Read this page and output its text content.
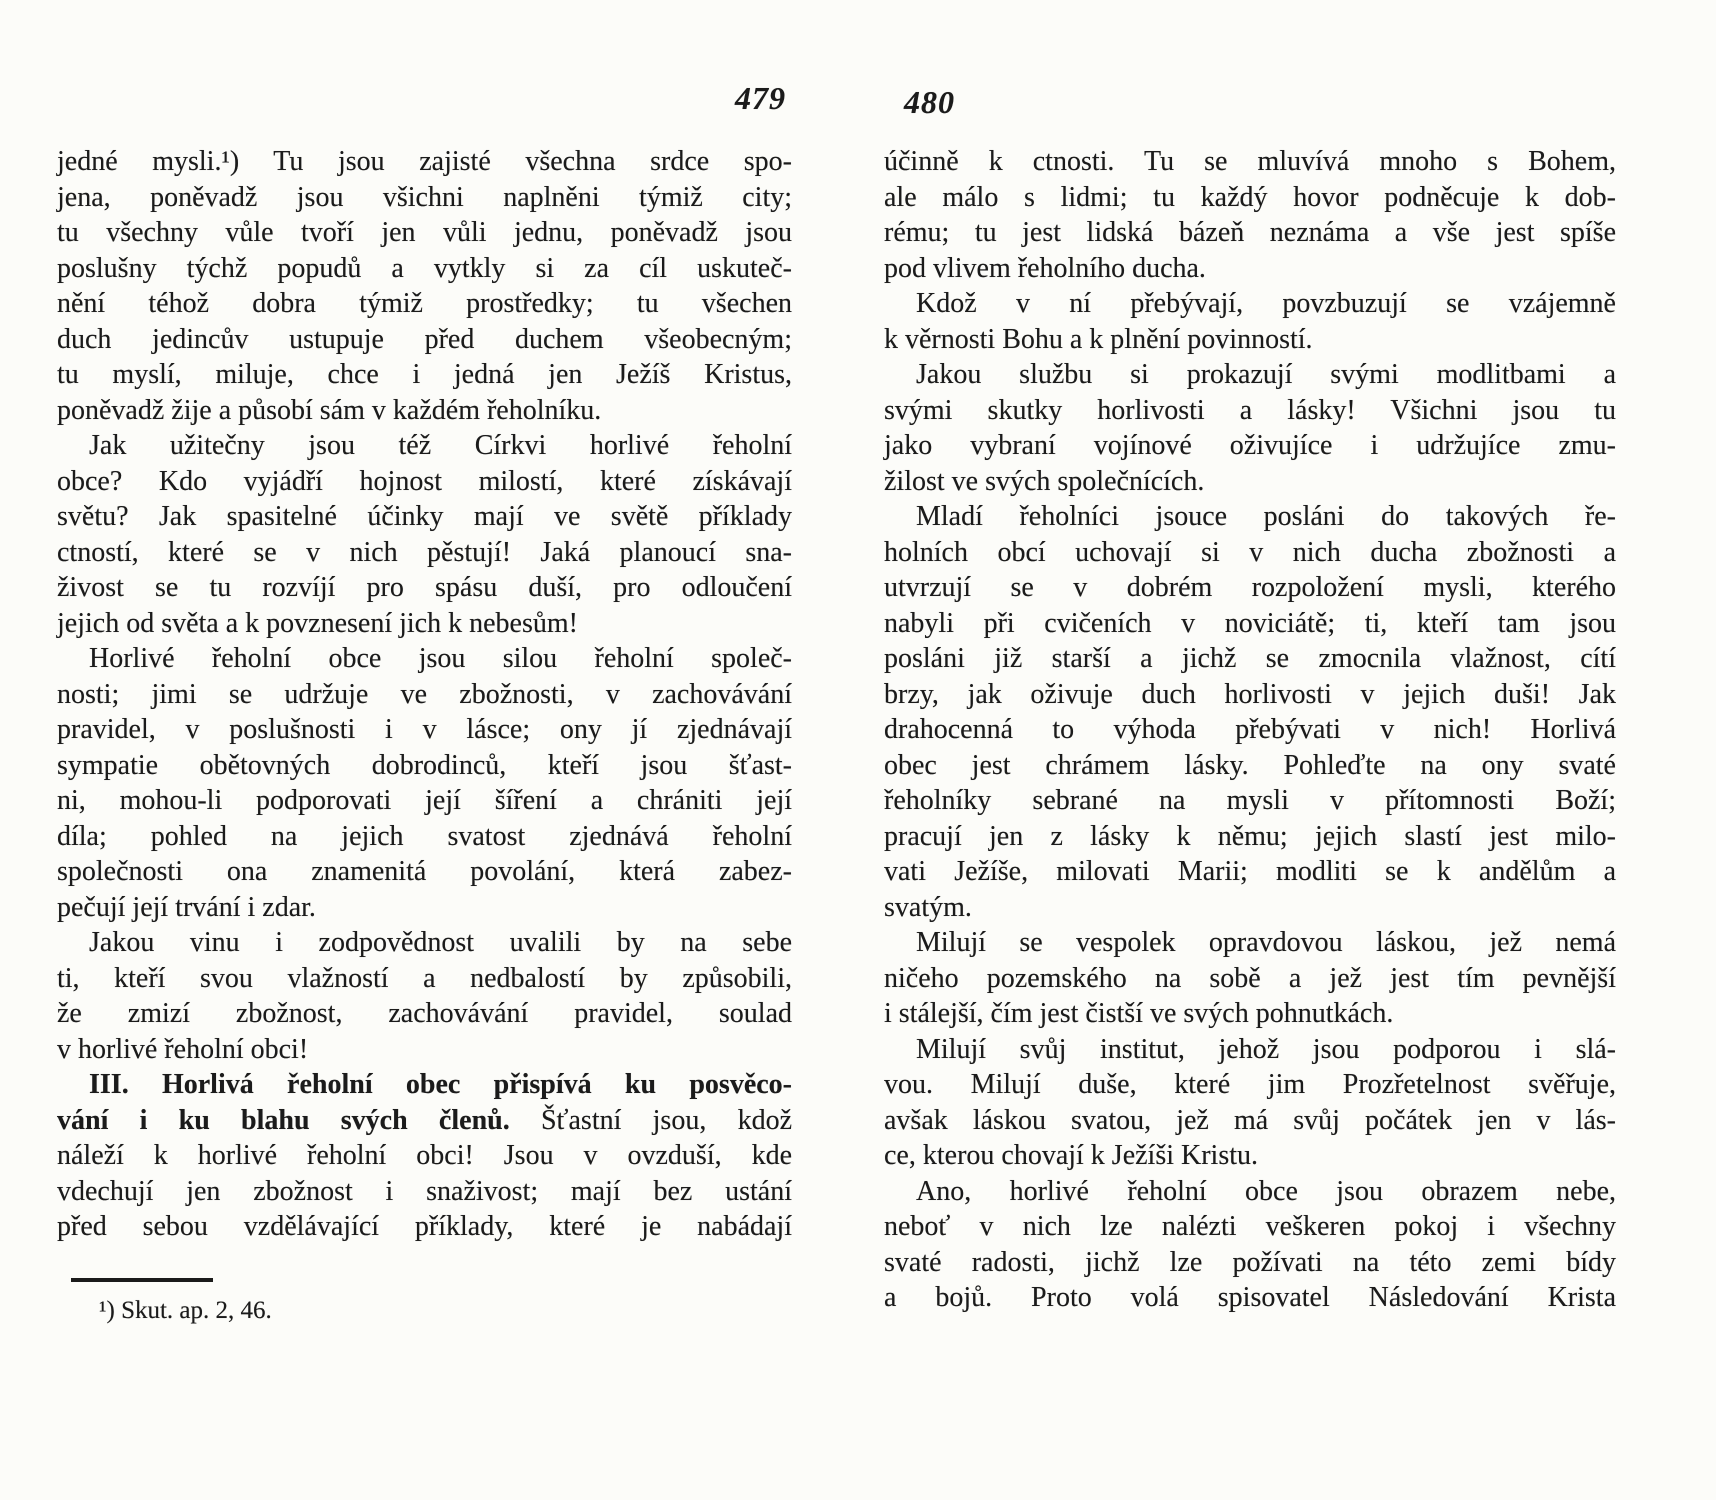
479	480
jedné mysli.¹) Tu jsou zajisté všechna srdce spo-
jena, poněvadž jsou všichni naplněni týmiž city;
tu všechny vůle tvoří jen vůli jednu, poněvadž jsou
poslušny týchž popudů a vytkly si za cíl uskuteč-
nění téhož dobra týmiž prostředky; tu všechen
duch jedincův ustupuje před duchem všeobecným;
tu myslí, miluje, chce i jedná jen Ježíš Kristus,
poněvadž žije a působí sám v každém řeholníku.
Jak užitečny jsou též Církvi horlivé řeholní
obce? Kdo vyjádří hojnost milostí, které získávají
světu? Jak spasitelné účinky mají ve světě příklady
ctností, které se v nich pěstují! Jaká planoucí sna-
živost se tu rozvíjí pro spásu duší, pro odloučení
jejich od světa a k povznesení jich k nebesům!
Horlivé řeholní obce jsou silou řeholní společ-
nosti; jimi se udržuje ve zbožnosti, v zachovávání
pravidel, v poslušnosti i v lásce; ony jí zjednávají
sympatie obětovných dobrodinců, kteří jsou šťast-
ni, mohou-li podporovati její šíření a chrániti její
díla; pohled na jejich svatost zjednává řeholní
společnosti ona znamenitá povolání, která zabez-
pečují její trvání i zdar.
Jakou vinu i zodpovědnost uvalili by na sebe
ti, kteří svou vlažností a nedbalostí by způsobili,
že zmizí zbožnost, zachovávání pravidel, soulad
v horlivé řeholní obci!
III. Horlivá řeholní obec přispívá ku posvěco-
vání i ku blahu svých členů. Šťastní jsou, kdož
náleží k horlivé řeholní obci! Jsou v ovzduší, kde
vdechují jen zbožnost i snaživost; mají bez ustání
před sebou vzdělávající příklady, které je nabádají
účinně k ctnosti. Tu se mluvívá mnoho s Bohem,
ale málo s lidmi; tu každý hovor podněcuje k dob-
rému; tu jest lidská bázeň neznáma a vše jest spíše
pod vlivem řeholního ducha.
Kdož v ní přebývají, povzbuzují se vzájemně
k věrnosti Bohu a k plnění povinností.
Jakou službu si prokazují svými modlitbami a
svými skutky horlivosti a lásky! Všichni jsou tu
jako vybraní vojínové oživujíce i udržujíce zmu-
žilost ve svých společnících.
Mladí řeholníci jsouce posláni do takových ře-
holních obcí uchovají si v nich ducha zbožnosti a
utvrzují se v dobrém rozpoložení mysli, kterého
nabyli při cvičeních v noviciátě; ti, kteří tam jsou
posláni již starší a jichž se zmocnila vlažnost, cítí
brzy, jak oživuje duch horlivosti v jejich duši! Jak
drahocenná to výhoda přebývati v nich! Horlivá
obec jest chrámem lásky. Pohleďte na ony svaté
řeholníky sebrané na mysli v přítomnosti Boží;
pracují jen z lásky k němu; jejich slastí jest milo-
vati Ježíše, milovati Marii; modliti se k andělům a
svatým.
Milují se vespolek opravdovou láskou, jež nemá
ničeho pozemského na sobě a jež jest tím pevnější
i stálejší, čím jest čistší ve svých pohnutkách.
Milují svůj institut, jehož jsou podporou i slá-
vou. Milují duše, které jim Prozřetelnost svěřuje,
avšak láskou svatou, jež má svůj počátek jen v lás-
ce, kterou chovají k Ježíši Kristu.
Ano, horlivé řeholní obce jsou obrazem nebe,
neboť v nich lze nalézti veškeren pokoj i všechny
svaté radosti, jichž lze požívati na této zemi bídy
a bojů. Proto volá spisovatel Následování Krista
¹) Skut. ap. 2, 46.
